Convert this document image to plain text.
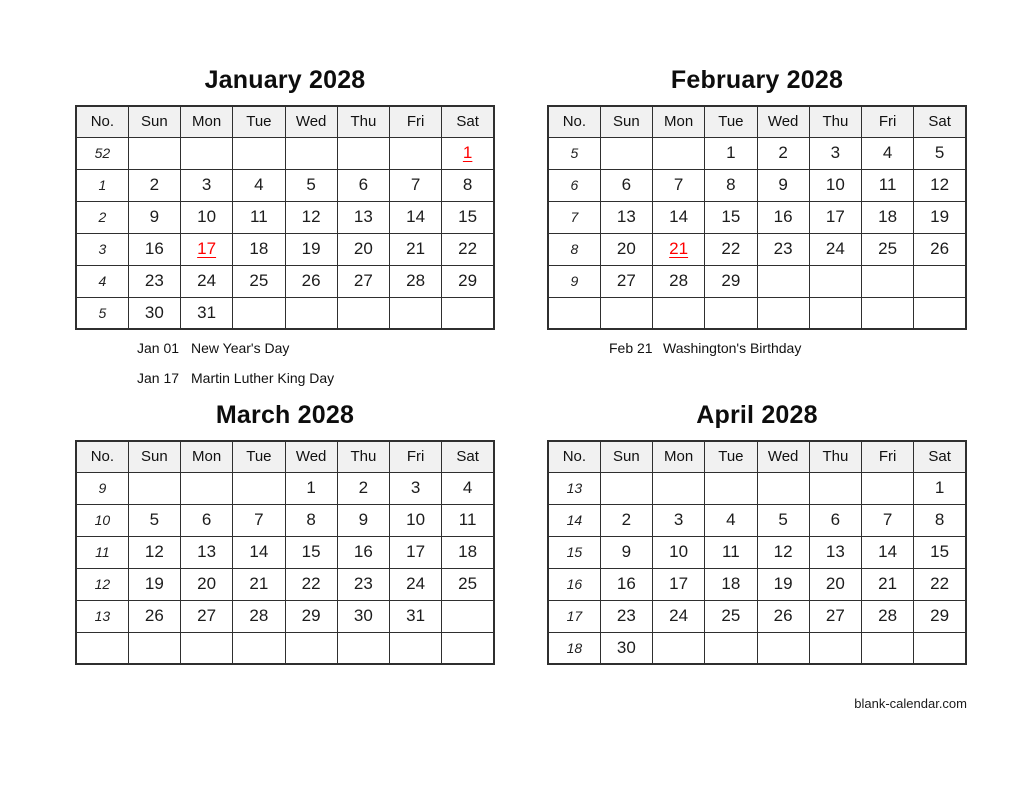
January 2028
No.	Sun	Mon	Tue	Wed	Thu	Fri	Sat
52							1
1	2	3	4	5	6	7	8
2	9	10	11	12	13	14	15
3	16	17	18	19	20	21	22
4	23	24	25	26	27	28	29
5	30	31					
Jan 01 New Year's Day
Jan 17 Martin Luther King Day
February 2028
No.	Sun	Mon	Tue	Wed	Thu	Fri	Sat
5			1	2	3	4	5
6	6	7	8	9	10	11	12
7	13	14	15	16	17	18	19
8	20	21	22	23	24	25	26
9	27	28	29				

Feb 21 Washington's Birthday
March 2028
No.	Sun	Mon	Tue	Wed	Thu	Fri	Sat
9				1	2	3	4
10	5	6	7	8	9	10	11
11	12	13	14	15	16	17	18
12	19	20	21	22	23	24	25
13	26	27	28	29	30	31	

April 2028
No.	Sun	Mon	Tue	Wed	Thu	Fri	Sat
13							1
14	2	3	4	5	6	7	8
15	9	10	11	12	13	14	15
16	16	17	18	19	20	21	22
17	23	24	25	26	27	28	29
18	30						
blank-calendar.com
